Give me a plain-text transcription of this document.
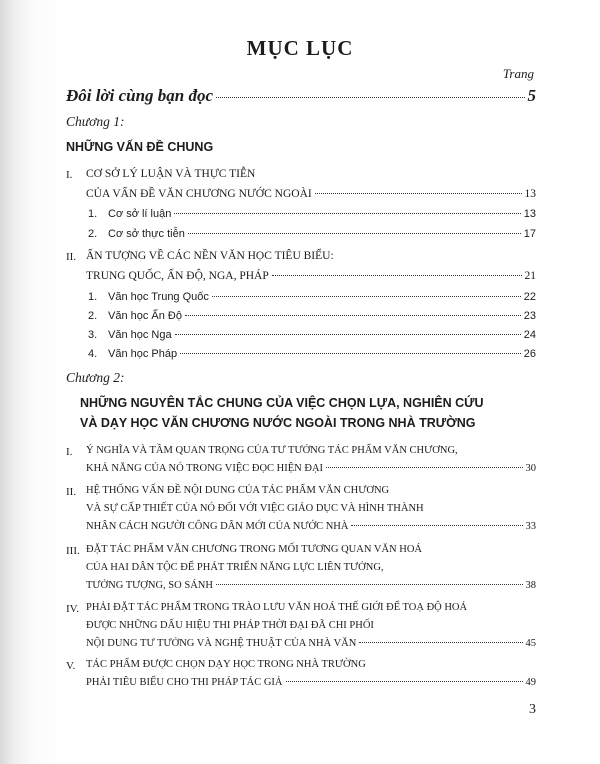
MỤC LỤC
Trang
Đôi lời cùng bạn đọc	5
Chương 1:
NHỮNG VẤN ĐỀ CHUNG
I. CƠ SỞ LÝ LUẬN VÀ THỰC TIỄN
CỦA VẤN ĐỀ VĂN CHƯƠNG NƯỚC NGOÀI	13
1. Cơ sở lí luận	13
2. Cơ sở thực tiễn	17
II. ẤN TƯỢNG VỀ CÁC NỀN VĂN HỌC TIÊU BIỂU:
TRUNG QUỐC, ẤN ĐỘ, NGA, PHÁP	21
1. Văn học Trung Quốc	22
2. Văn học Ấn Độ	23
3. Văn học Nga	24
4. Văn học Pháp	26
Chương 2:
NHỮNG NGUYÊN TẮC CHUNG CỦA VIỆC CHỌN LỰA, NGHIÊN CỨU
VÀ DẠY HỌC VĂN CHƯƠNG NƯỚC NGOÀI TRONG NHÀ TRƯỜNG
I. Ý NGHĨA VÀ TẦM QUAN TRỌNG CỦA TƯ TƯỞNG TÁC PHẨM VĂN CHƯƠNG,
KHẢ NĂNG CỦA NÓ TRONG VIỆC ĐỌC HIỆN ĐẠI	30
II. HỆ THỐNG VẤN ĐỀ NỘI DUNG CỦA TÁC PHẨM VĂN CHƯƠNG
VÀ SỰ CẤP THIẾT CỦA NÓ ĐỐI VỚI VIỆC GIÁO DỤC VÀ HÌNH THÀNH
NHÂN CÁCH NGƯỜI CÔNG DÂN MỚI CỦA NƯỚC NHÀ	33
III. ĐẶT TÁC PHẨM VĂN CHƯƠNG TRONG MỐI TƯƠNG QUAN VĂN HOÁ
CỦA HAI DÂN TỘC ĐỂ PHÁT TRIỂN NĂNG LỰC LIÊN TƯỞNG,
TƯỞNG TƯỢNG, SO SÁNH	38
IV. PHẢI ĐẶT TÁC PHẨM TRONG TRÀO LƯU VĂN HOÁ THẾ GIỚI ĐỂ TOẠ ĐỘ HOÁ
ĐƯỢC NHỮNG DẤU HIỆU THI PHÁP THỜI ĐẠI ĐÃ CHI PHỐI
NỘI DUNG TƯ TƯỞNG VÀ NGHỆ THUẬT CỦA NHÀ VĂN	45
V. TÁC PHẨM ĐƯỢC CHỌN DẠY HỌC TRONG NHÀ TRƯỜNG
PHẢI TIÊU BIỂU CHO THI PHÁP TÁC GIẢ	49
3
